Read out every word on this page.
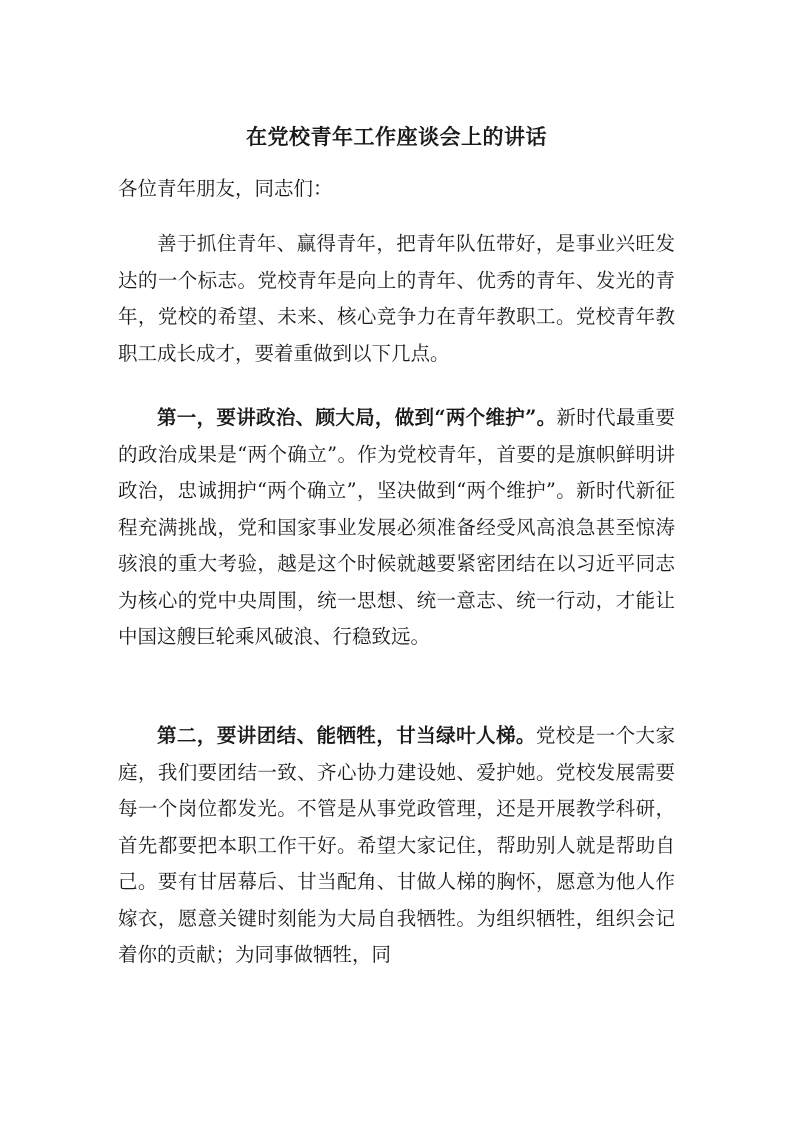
在党校青年工作座谈会上的讲话

各位青年朋友，同志们：

善于抓住青年、赢得青年，把青年队伍带好，是事业兴旺发达的一个标志。党校青年是向上的青年、优秀的青年、发光的青年，党校的希望、未来、核心竞争力在青年教职工。党校青年教职工成长成才，要着重做到以下几点。

第一，要讲政治、顾大局，做到“两个维护”。新时代最重要的政治成果是“两个确立”。作为党校青年，首要的是旗帜鲜明讲政治，忠诚拥护“两个确立”，坚决做到“两个维护”。新时代新征程充满挑战，党和国家事业发展必须准备经受风高浪急甚至惊涛骇浪的重大考验，越是这个时候就越要紧密团结在以习近平同志为核心的党中央周围，统一思想、统一意志、统一行动，才能让中国这艘巨轮乘风破浪、行稳致远。

第二，要讲团结、能牺牲，甘当绿叶人梯。党校是一个大家庭，我们要团结一致、齐心协力建设她、爱护她。党校发展需要每一个岗位都发光。不管是从事党政管理，还是开展教学科研，首先都要把本职工作干好。希望大家记住，帮助别人就是帮助自己。要有甘居幕后、甘当配角、甘做人梯的胸怀，愿意为他人作嫁衣，愿意关键时刻能为大局自我牺牲。为组织牺牲，组织会记着你的贡献；为同事做牺牲，同
